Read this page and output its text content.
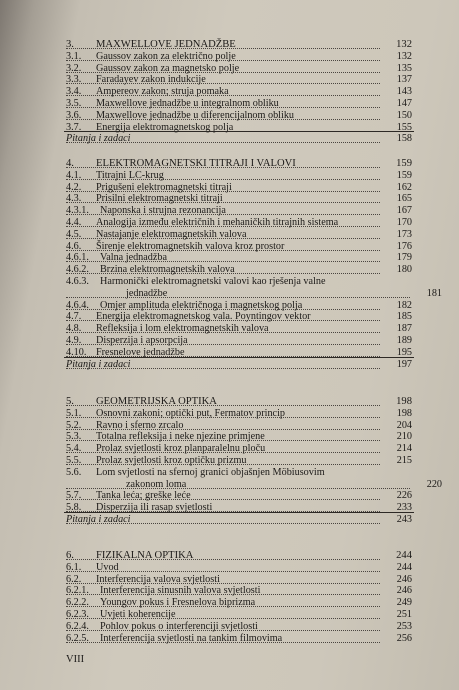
3. MAXWELLOVE JEDNADŽBE	132
3.1. Gaussov zakon za električno polje	132
3.2. Gaussov zakon za magnetsko polje	135
3.3. Faradayev zakon indukcije	137
3.4. Ampereov zakon; struja pomaka	143
3.5. Maxwellove jednadžbe u integralnom obliku	147
3.6. Maxwellove jednadžbe u diferencijalnom obliku	150
3.7. Energija elektromagnetskog polja	155
Pitanja i zadaci	158
4. ELEKTROMAGNETSKI TITRAJI I VALOVI	159
4.1. Titrajni LC-krug	159
4.2. Prigušeni elektromagnetski titraji	162
4.3. Prisilni elektromagnetski titraji	165
4.3.1. Naponska i strujna rezonancija	167
4.4. Analogija između električnih i mehaničkih titrajnih sistema	170
4.5. Nastajanje elektromagnetskih valova	173
4.6. Širenje elektromagnetskih valova kroz prostor	176
4.6.1. Valna jednadžba	179
4.6.2. Brzina elektromagnetskih valova	180
4.6.3. Harmonički elektromagnetski valovi kao rješenja valne
jednadžbe	181
4.6.4. Omjer amplituda električnoga i magnetskog polja	182
4.7. Energija elektromagnetskog vala. Poyntingov vektor	185
4.8. Refleksija i lom elektromagnetskih valova	187
4.9. Disperzija i apsorpcija	189
4.10. Fresnelove jednadžbe	195
Pitanja i zadaci	197
5. GEOMETRIJSKA OPTIKA	198
5.1. Osnovni zakoni; optički put, Fermatov princip	198
5.2. Ravno i sferno zrcalo	204
5.3. Totalna refleksija i neke njezine primjene	210
5.4. Prolaz svjetlosti kroz planparalelnu ploču	214
5.5. Prolaz svjetlosti kroz optičku prizmu	215
5.6. Lom svjetlosti na sfernoj granici objašnjen Möbiusovim
zakonom loma	220
5.7. Tanka leća; greške leće	226
5.8. Disperzija ili rasap svjetlosti	233
Pitanja i zadaci	243
6. FIZIKALNA OPTIKA	244
6.1. Uvod	244
6.2. Interferencija valova svjetlosti	246
6.2.1. Interferencija sinusnih valova svjetlosti	246
6.2.2. Youngov pokus i Fresnelova biprizma	249
6.2.3. Uvjeti koherencije	251
6.2.4. Pohlov pokus o interferenciji svjetlosti	253
6.2.5. Interferencija svjetlosti na tankim filmovima	256
VIII
